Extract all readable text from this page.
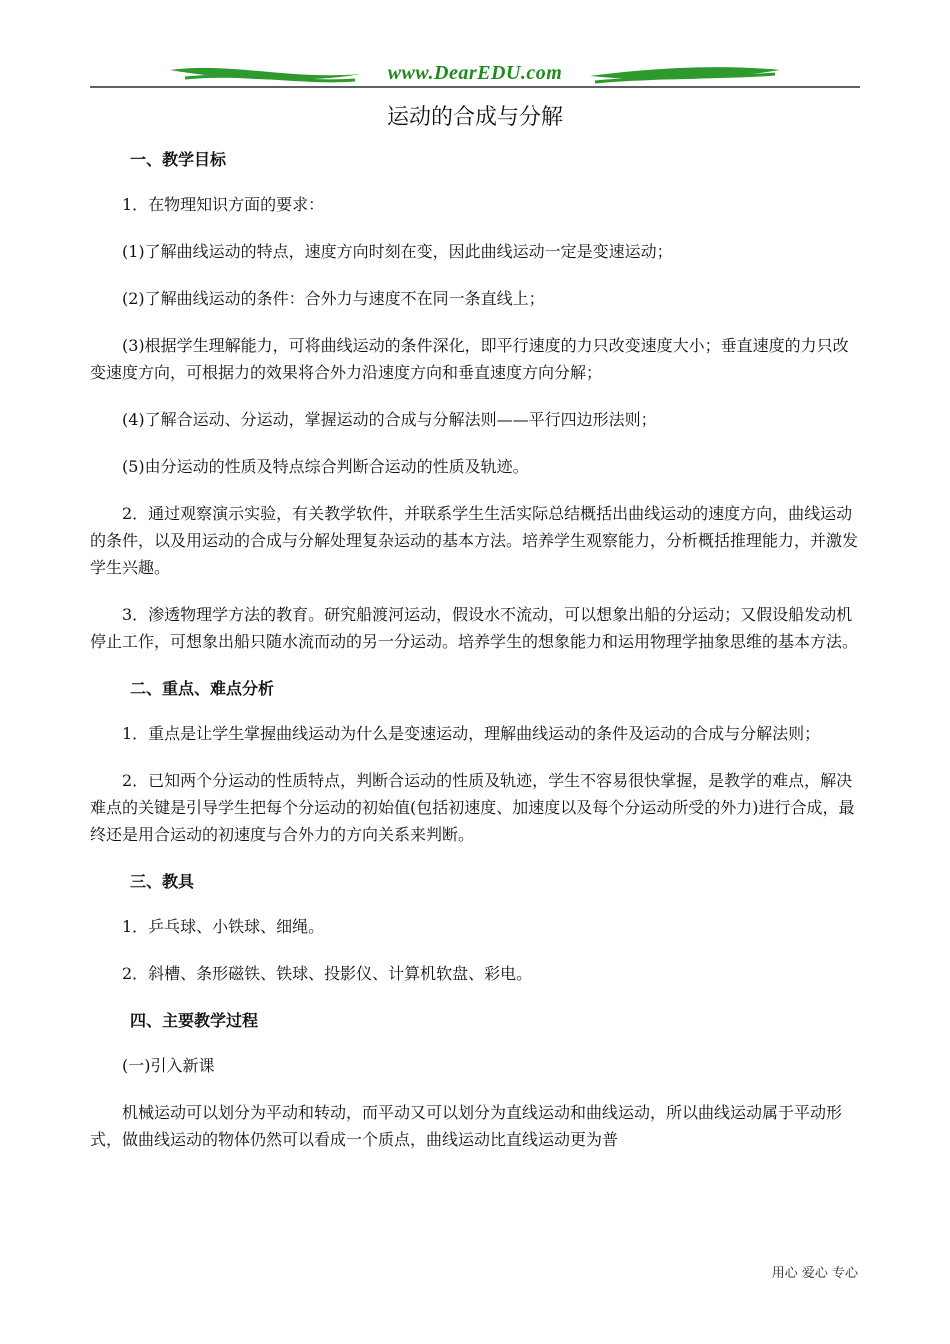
www.DearEDU.com
运动的合成与分解

一、教学目标

1．在物理知识方面的要求：

(1)了解曲线运动的特点，速度方向时刻在变，因此曲线运动一定是变速运动；

(2)了解曲线运动的条件：合外力与速度不在同一条直线上；

(3)根据学生理解能力，可将曲线运动的条件深化，即平行速度的力只改变速度大小；垂直速度的力只改变速度方向，可根据力的效果将合外力沿速度方向和垂直速度方向分解；

(4)了解合运动、分运动，掌握运动的合成与分解法则——平行四边形法则；

(5)由分运动的性质及特点综合判断合运动的性质及轨迹。

2．通过观察演示实验，有关教学软件，并联系学生生活实际总结概括出曲线运动的速度方向，曲线运动的条件，以及用运动的合成与分解处理复杂运动的基本方法。培养学生观察能力，分析概括推理能力，并激发学生兴趣。

3．渗透物理学方法的教育。研究船渡河运动，假设水不流动，可以想象出船的分运动；又假设船发动机停止工作，可想象出船只随水流而动的另一分运动。培养学生的想象能力和运用物理学抽象思维的基本方法。

二、重点、难点分析

1．重点是让学生掌握曲线运动为什么是变速运动，理解曲线运动的条件及运动的合成与分解法则；

2．已知两个分运动的性质特点，判断合运动的性质及轨迹，学生不容易很快掌握，是教学的难点，解决难点的关键是引导学生把每个分运动的初始值(包括初速度、加速度以及每个分运动所受的外力)进行合成，最终还是用合运动的初速度与合外力的方向关系来判断。

三、教具

1．乒乓球、小铁球、细绳。

2．斜槽、条形磁铁、铁球、投影仪、计算机软盘、彩电。

四、主要教学过程

(一)引入新课

机械运动可以划分为平动和转动，而平动又可以划分为直线运动和曲线运动，所以曲线运动属于平动形式，做曲线运动的物体仍然可以看成一个质点，曲线运动比直线运动更为普

用心 爱心 专心
